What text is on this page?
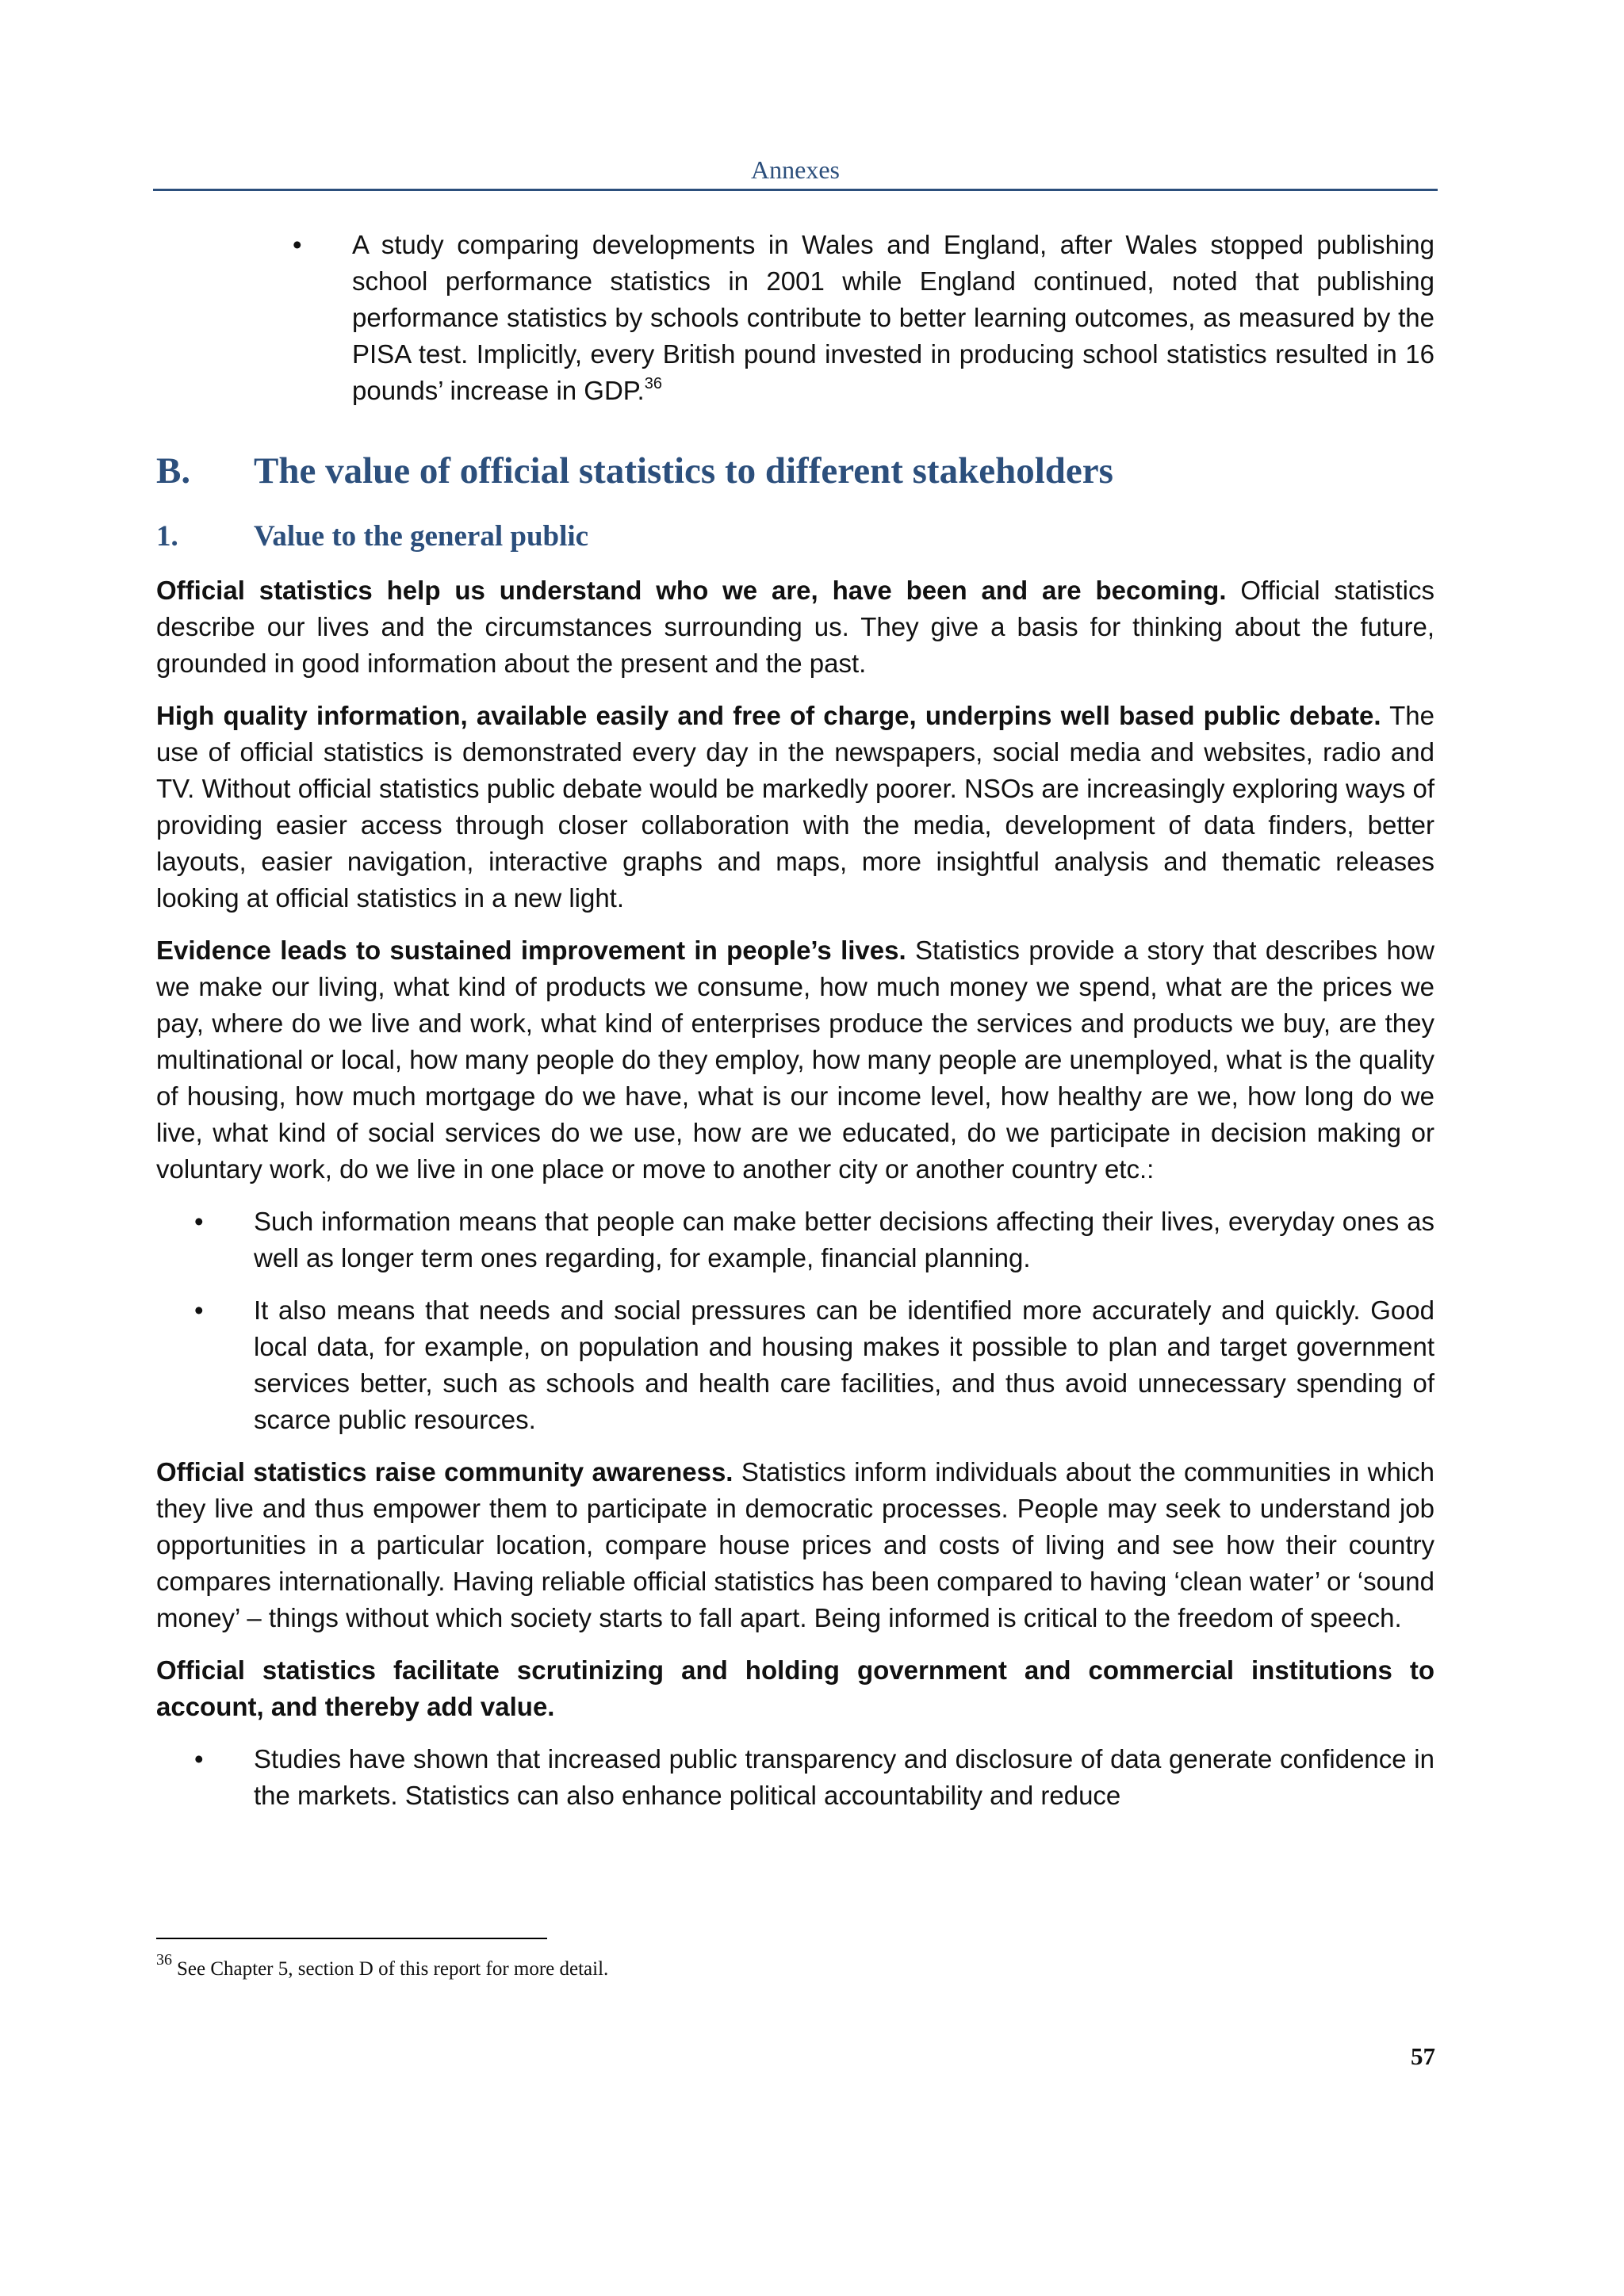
Annexes
• A study comparing developments in Wales and England, after Wales stopped publishing school performance statistics in 2001 while England continued, noted that publishing performance statistics by schools contribute to better learning outcomes, as measured by the PISA test. Implicitly, every British pound invested in producing school statistics resulted in 16 pounds’ increase in GDP.$^{36}$
B. The value of official statistics to different stakeholders
1.	Value to the general public

Official statistics help us understand who we are, have been and are becoming. Official statistics describe our lives and the circumstances surrounding us. They give a basis for thinking about the future, grounded in good information about the present and the past.

High quality information, available easily and free of charge, underpins well based public debate. The use of official statistics is demonstrated every day in the newspapers, social media and websites, radio and TV. Without official statistics public debate would be markedly poorer. NSOs are increasingly exploring ways of providing easier access through closer collaboration with the media, development of data finders, better layouts, easier navigation, interactive graphs and maps, more insightful analysis and thematic releases looking at official statistics in a new light.

Evidence leads to sustained improvement in people’s lives. Statistics provide a story that describes how we make our living, what kind of products we consume, how much money we spend, what are the prices we pay, where do we live and work, what kind of enterprises produce the services and products we buy, are they multinational or local, how many people do they employ, how many people are unemployed, what is the quality of housing, how much mortgage do we have, what is our income level, how healthy are we, how long do we live, what kind of social services do we use, how are we educated, do we participate in decision making or voluntary work, do we live in one place or move to another city or another country etc.:

• Such information means that people can make better decisions affecting their lives, everyday ones as well as longer term ones regarding, for example, financial planning.
• It also means that needs and social pressures can be identified more accurately and quickly. Good local data, for example, on population and housing makes it possible to plan and target government services better, such as schools and health care facilities, and thus avoid unnecessary spending of scarce public resources.

Official statistics raise community awareness. Statistics inform individuals about the communities in which they live and thus empower them to participate in democratic processes. People may seek to understand job opportunities in a particular location, compare house prices and costs of living and see how their country compares internationally. Having reliable official statistics has been compared to having ‘clean water’ or ‘sound money’ – things without which society starts to fall apart. Being informed is critical to the freedom of speech.

Official statistics facilitate scrutinizing and holding government and commercial institutions to account, and thereby add value.

• Studies have shown that increased public transparency and disclosure of data generate confidence in the markets. Statistics can also enhance political accountability and reduce
$^{36}$ See Chapter 5, section D of this report for more detail.
57
